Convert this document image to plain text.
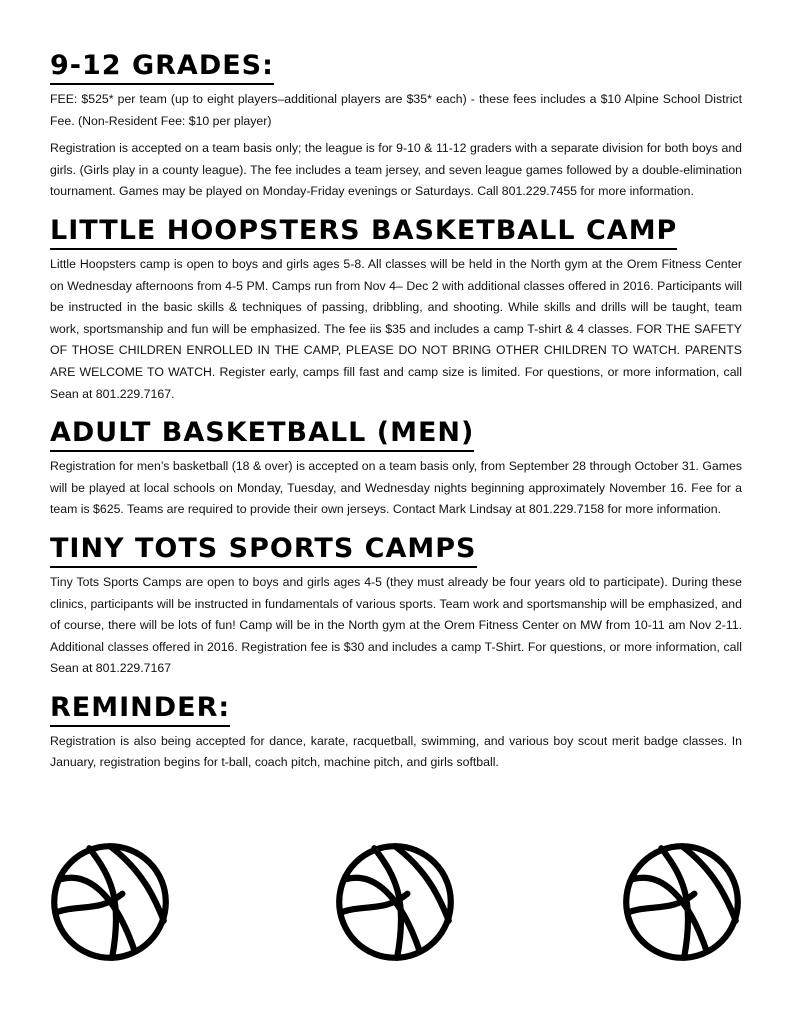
9-12 GRADES:

FEE: $525* per team (up to eight players–additional players are $35* each) - these fees includes a $10 Alpine School District Fee. (Non-Resident Fee: $10 per player)

Registration is accepted on a team basis only; the league is for 9-10 & 11-12 graders with a separate division for both boys and girls. (Girls play in a county league). The fee includes a team jersey, and seven league games followed by a double-elimination tournament. Games may be played on Monday-Friday evenings or Saturdays. Call 801.229.7455 for more information.

LITTLE HOOPSTERS BASKETBALL CAMP

Little Hoopsters camp is open to boys and girls ages 5-8. All classes will be held in the North gym at the Orem Fitness Center on Wednesday afternoons from 4-5 PM. Camps run from Nov 4– Dec 2 with additional classes offered in 2016. Participants will be instructed in the basic skills & techniques of passing, dribbling, and shooting. While skills and drills will be taught, team work, sportsmanship and fun will be emphasized. The fee iis $35 and includes a camp T-shirt & 4 classes. FOR THE SAFETY OF THOSE CHILDREN ENROLLED IN THE CAMP, PLEASE DO NOT BRING OTHER CHILDREN TO WATCH. PARENTS ARE WELCOME TO WATCH. Register early, camps fill fast and camp size is limited. For questions, or more information, call Sean at 801.229.7167.

ADULT BASKETBALL (MEN)

Registration for men’s basketball (18 & over) is accepted on a team basis only, from September 28 through October 31. Games will be played at local schools on Monday, Tuesday, and Wednesday nights beginning approximately November 16. Fee for a team is $625. Teams are required to provide their own jerseys. Contact Mark Lindsay at 801.229.7158 for more information.

TINY TOTS SPORTS CAMPS

Tiny Tots Sports Camps are open to boys and girls ages 4-5 (they must already be four years old to participate). During these clinics, participants will be instructed in fundamentals of various sports. Team work and sportsmanship will be emphasized, and of course, there will be lots of fun! Camp will be in the North gym at the Orem Fitness Center on MW from 10-11 am Nov 2-11. Additional classes offered in 2016. Registration fee is $30 and includes a camp T-Shirt. For questions, or more information, call Sean at 801.229.7167

REMINDER:

Registration is also being accepted for dance, karate, racquetball, swimming, and various boy scout merit badge classes. In January, registration begins for t-ball, coach pitch, machine pitch, and girls softball.
